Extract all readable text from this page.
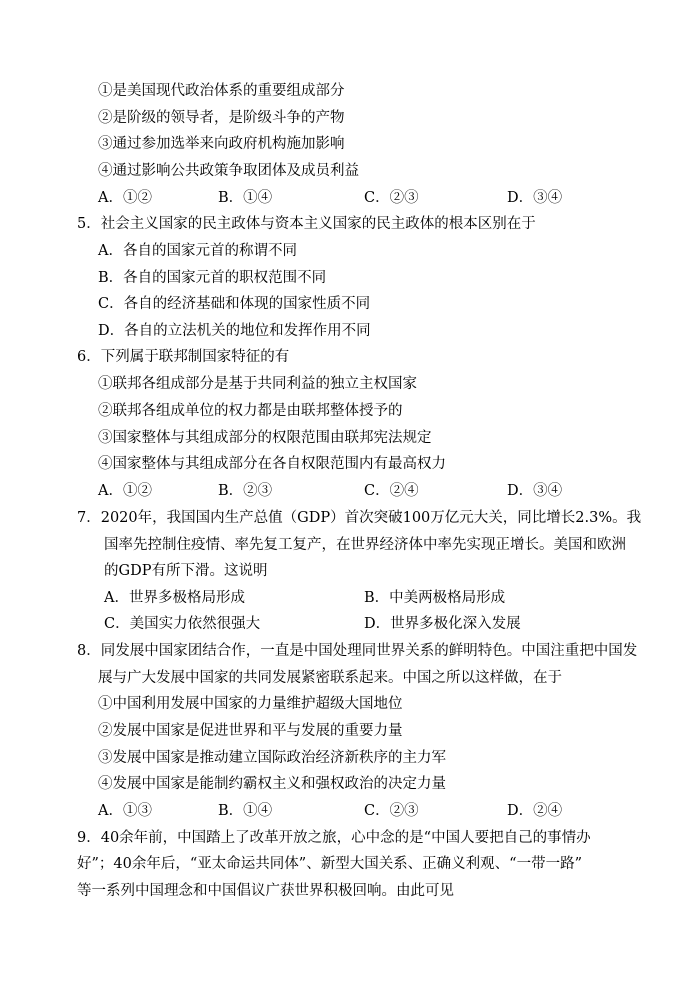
①是美国现代政治体系的重要组成部分
②是阶级的领导者，是阶级斗争的产物
③通过参加选举来向政府机构施加影响
④通过影响公共政策争取团体及成员利益
A．①②	B．①④	C．②③	D．③④
5．社会主义国家的民主政体与资本主义国家的民主政体的根本区别在于
A．各自的国家元首的称谓不同
B．各自的国家元首的职权范围不同
C．各自的经济基础和体现的国家性质不同
D．各自的立法机关的地位和发挥作用不同
6．下列属于联邦制国家特征的有
①联邦各组成部分是基于共同利益的独立主权国家
②联邦各组成单位的权力都是由联邦整体授予的
③国家整体与其组成部分的权限范围由联邦宪法规定
④国家整体与其组成部分在各自权限范围内有最高权力
A．①②	B．②③	C．②④	D．③④
7．2020年，我国国内生产总值（GDP）首次突破100万亿元大关，同比增长2.3%。我
国率先控制住疫情、率先复工复产，在世界经济体中率先实现正增长。美国和欧洲
的GDP有所下滑。这说明
A．世界多极格局形成	B．中美两极格局形成
C．美国实力依然很强大	D．世界多极化深入发展
8．同发展中国家团结合作，一直是中国处理同世界关系的鲜明特色。中国注重把中国发
展与广大发展中国家的共同发展紧密联系起来。中国之所以这样做，在于
①中国利用发展中国家的力量维护超级大国地位
②发展中国家是促进世界和平与发展的重要力量
③发展中国家是推动建立国际政治经济新秩序的主力军
④发展中国家是能制约霸权主义和强权政治的决定力量
A．①③	B．①④	C．②③	D．②④
9．40余年前，中国踏上了改革开放之旅，心中念的是“中国人要把自己的事情办
好”；40余年后，“亚太命运共同体”、新型大国关系、正确义利观、“一带一路”
等一系列中国理念和中国倡议广获世界积极回响。由此可见
